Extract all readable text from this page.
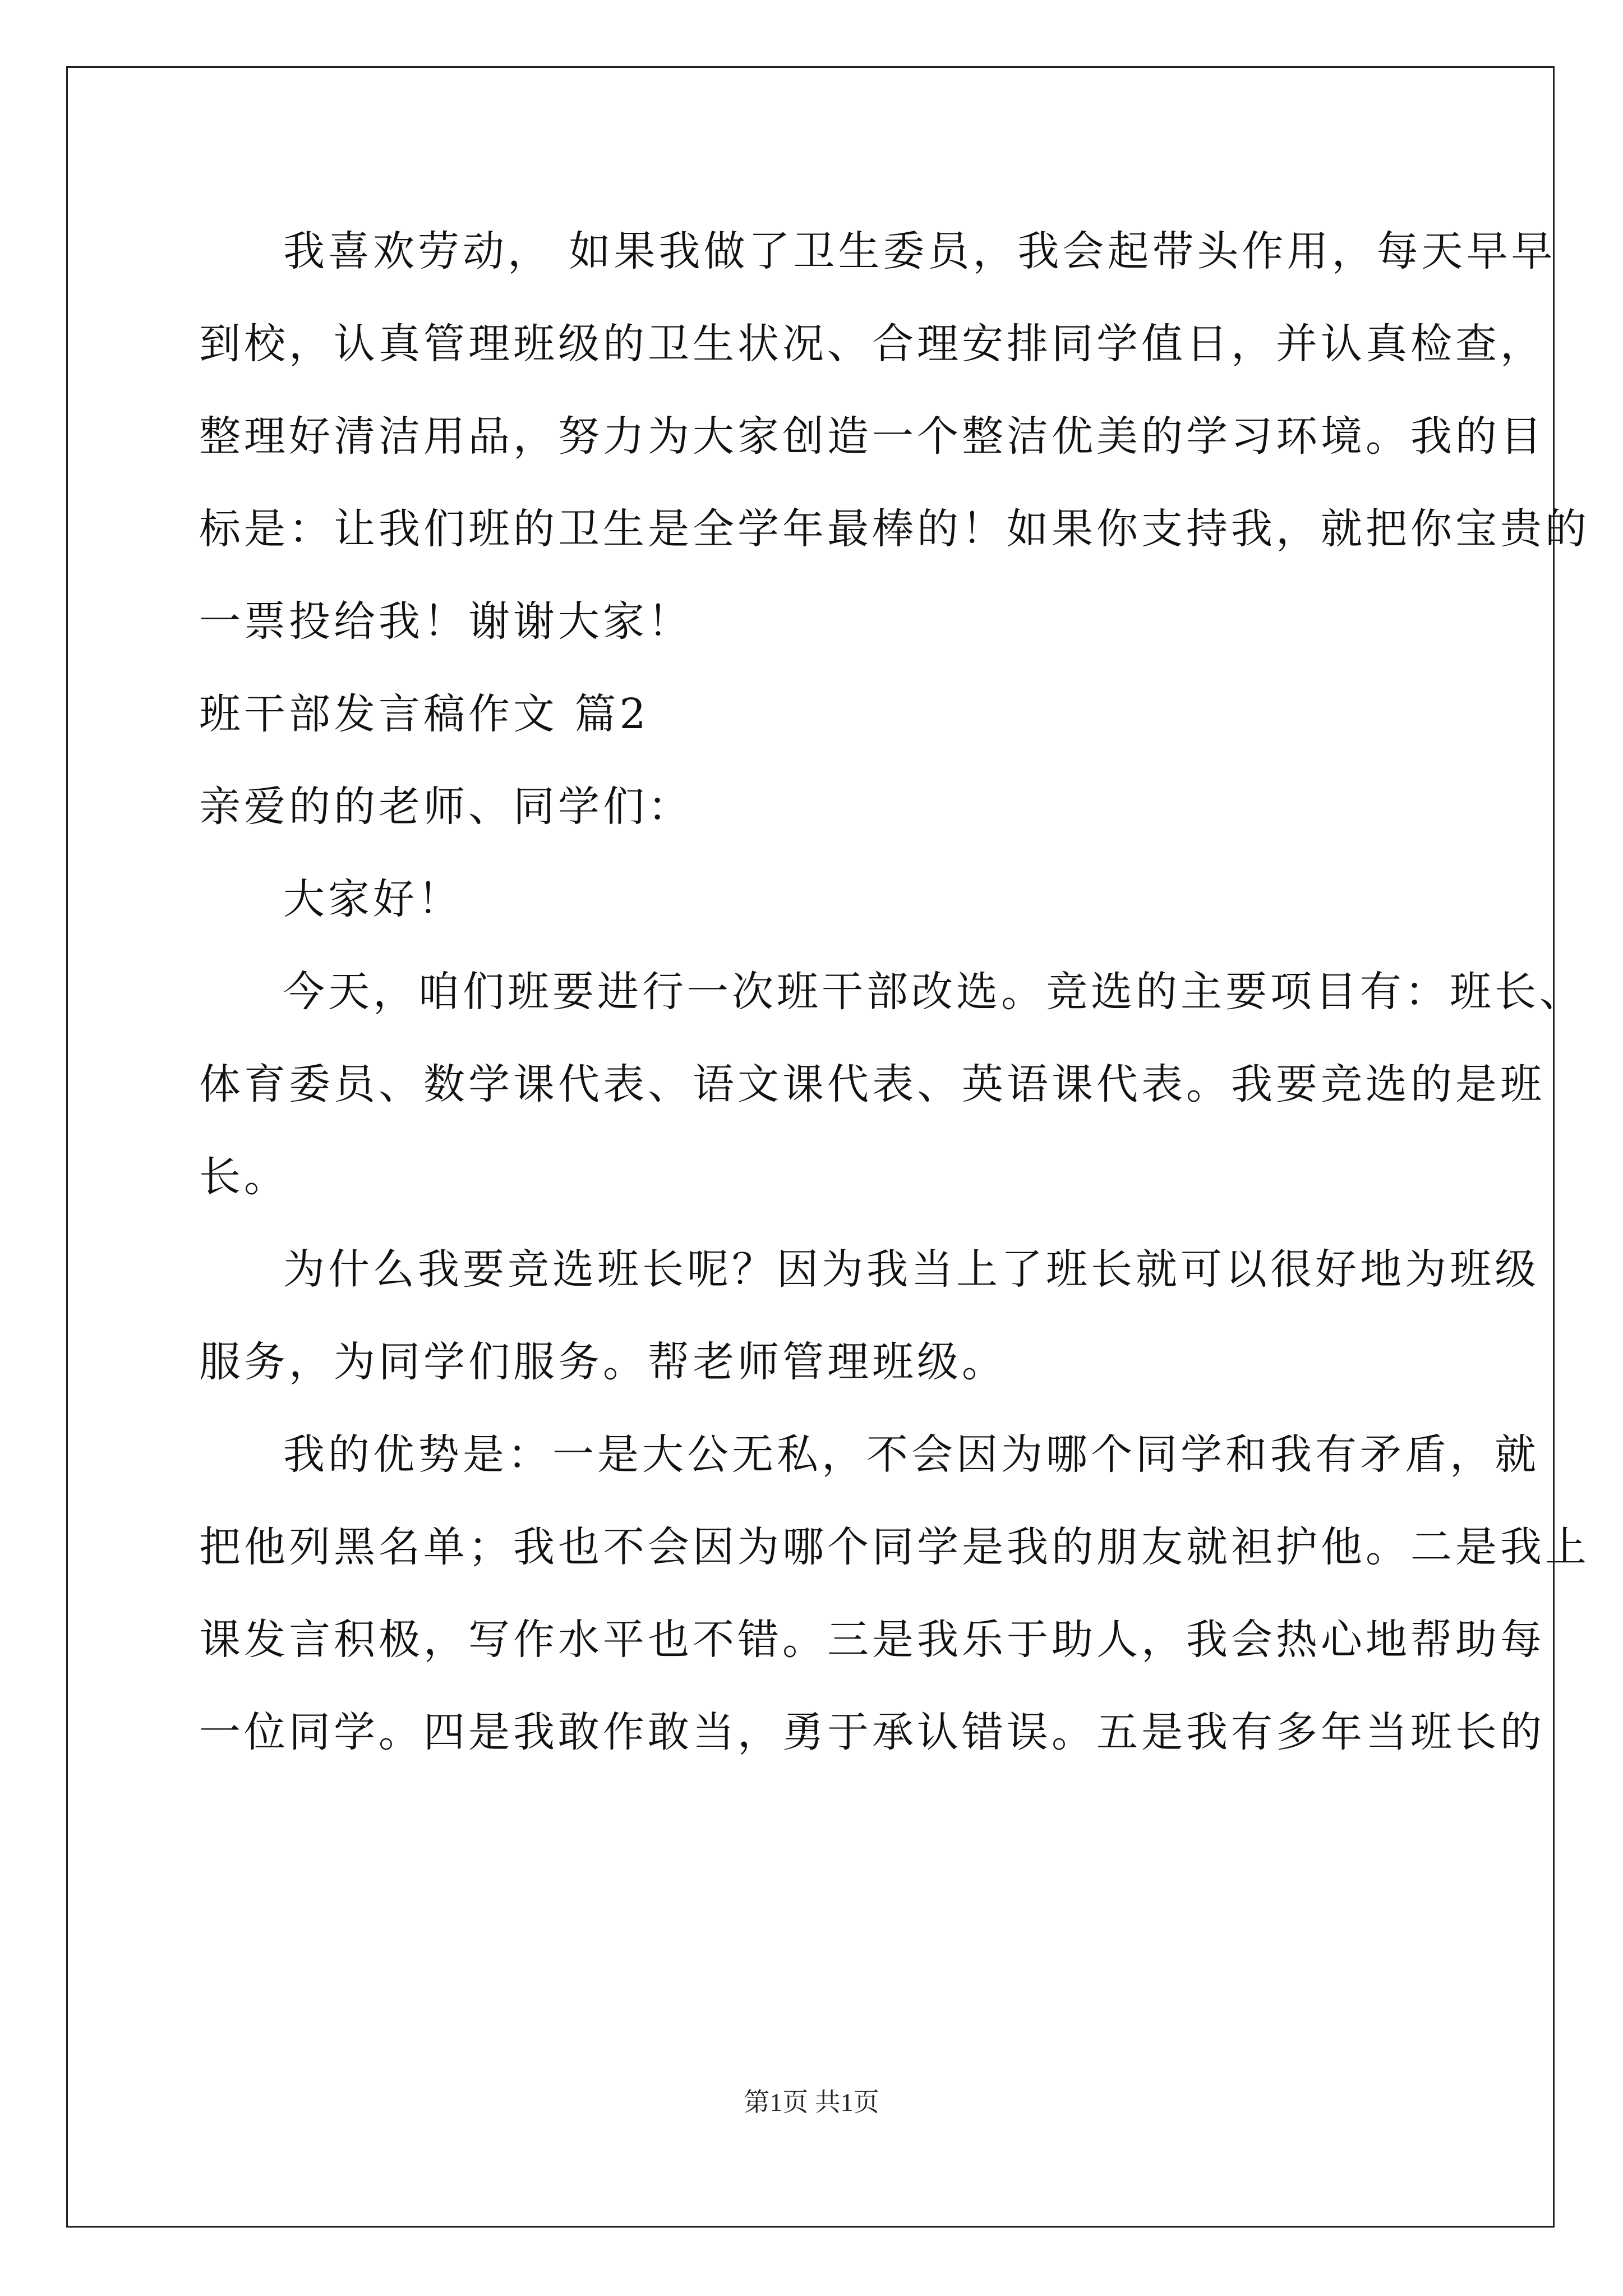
我喜欢劳动， 如果我做了卫生委员，我会起带头作用，每天早早
到校，认真管理班级的卫生状况、合理安排同学值日，并认真检查，
整理好清洁用品，努力为大家创造一个整洁优美的学习环境。我的目
标是：让我们班的卫生是全学年最棒的！如果你支持我，就把你宝贵的
一票投给我！谢谢大家！
班干部发言稿作文 篇2
亲爱的的老师、同学们：
大家好！
今天，咱们班要进行一次班干部改选。竞选的主要项目有：班长、
体育委员、数学课代表、语文课代表、英语课代表。我要竞选的是班
长。
为什么我要竞选班长呢？因为我当上了班长就可以很好地为班级
服务，为同学们服务。帮老师管理班级。
我的优势是：一是大公无私，不会因为哪个同学和我有矛盾，就
把他列黑名单；我也不会因为哪个同学是我的朋友就袒护他。二是我上
课发言积极，写作水平也不错。三是我乐于助人，我会热心地帮助每
一位同学。四是我敢作敢当，勇于承认错误。五是我有多年当班长的
第1页 共1页
